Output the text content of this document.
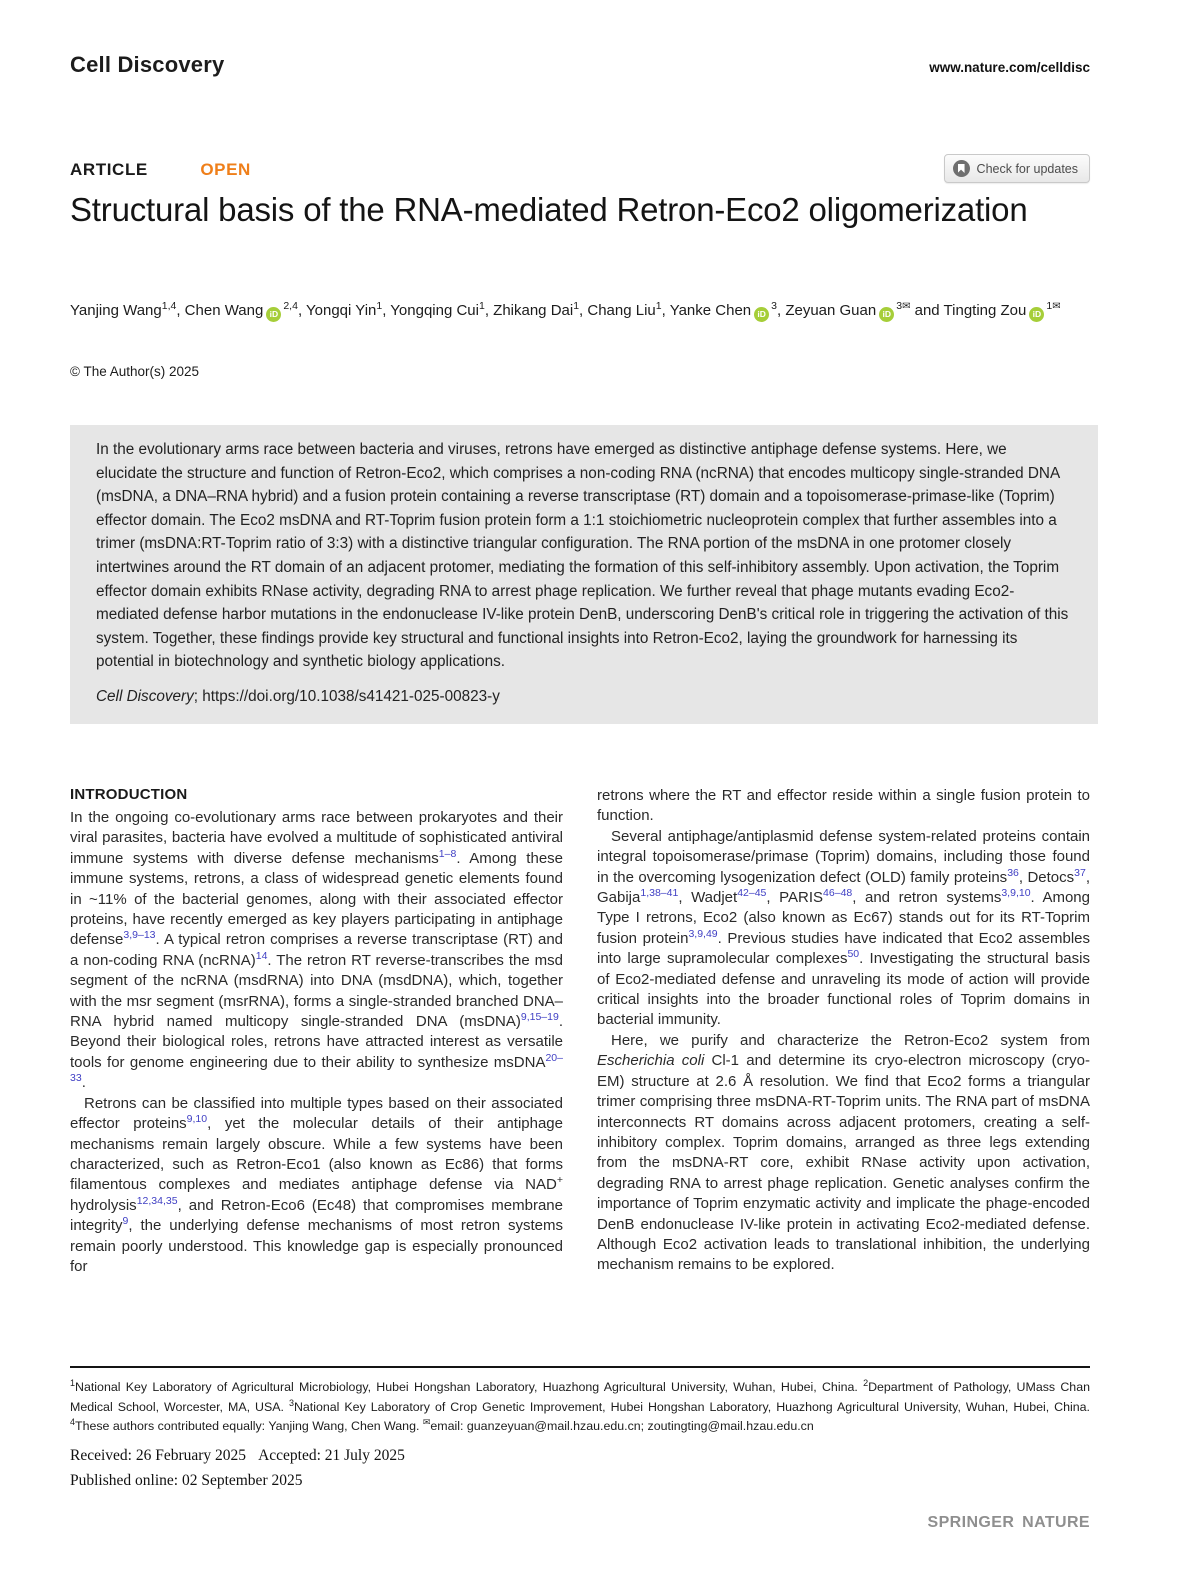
Cell Discovery	www.nature.com/celldisc
ARTICLE	OPEN	Check for updates
Structural basis of the RNA-mediated Retron-Eco2 oligomerization
Yanjing Wang$^{1,4}$, Chen Wang iD$^{2,4}$, Yongqi Yin$^1$, Yongqing Cui$^1$, Zhikang Dai$^1$, Chang Liu$^1$, Yanke Chen $iD^3$, Zeyuan Guan $iD^{3✉}$ and Tingting Zou $iD^{1✉}$
© The Author(s) 2025

In the evolutionary arms race between bacteria and viruses, retrons have emerged as distinctive antiphage defense systems. Here, we elucidate the structure and function of Retron-Eco2, which comprises a non-coding RNA (ncRNA) that encodes multicopy single-stranded DNA (msDNA, a DNA–RNA hybrid) and a fusion protein containing a reverse transcriptase (RT) domain and a topoisomerase-primase-like (Toprim) effector domain. The Eco2 msDNA and RT-Toprim fusion protein form a 1:1 stoichiometric nucleoprotein complex that further assembles into a trimer (msDNA:RT-Toprim ratio of 3:3) with a distinctive triangular configuration. The RNA portion of the msDNA in one protomer closely intertwines around the RT domain of an adjacent protomer, mediating the formation of this self-inhibitory assembly. Upon activation, the Toprim effector domain exhibits RNase activity, degrading RNA to arrest phage replication. We further reveal that phage mutants evading Eco2-mediated defense harbor mutations in the endonuclease IV-like protein DenB, underscoring DenB's critical role in triggering the activation of this system. Together, these findings provide key structural and functional insights into Retron-Eco2, laying the groundwork for harnessing its potential in biotechnology and synthetic biology applications.

Cell Discovery; https://doi.org/10.1038/s41421-025-00823-y

INTRODUCTION

In the ongoing co-evolutionary arms race between prokaryotes and their viral parasites, bacteria have evolved a multitude of sophisticated antiviral immune systems with diverse defense mechanisms$^{1-8}$. Among these immune systems, retrons, a class of widespread genetic elements found in ~11% of the bacterial genomes, along with their associated effector proteins, have recently emerged as key players participating in antiphage defense$^{3,9-13}$. A typical retron comprises a reverse transcriptase (RT) and a non-coding RNA (ncRNA)$^{14}$. The retron RT reverse-transcribes the msd segment of the ncRNA (msdRNA) into DNA (msdDNA), which, together with the msr segment (msrRNA), forms a single-stranded branched DNA–RNA hybrid named multicopy single-stranded DNA (msDNA)$^{9,15-19}$. Beyond their biological roles, retrons have attracted interest as versatile tools for genome engineering due to their ability to synthesize msDNA$^{20-33}$.

Retrons can be classified into multiple types based on their associated effector proteins$^{9,10}$, yet the molecular details of their antiphage mechanisms remain largely obscure. While a few systems have been characterized, such as Retron-Eco1 (also known as Ec86) that forms filamentous complexes and mediates antiphage defense via NAD+ hydrolysis$^{12,34,35}$, and Retron-Eco6 (Ec48) that compromises membrane integrity$^9$, the underlying defense mechanisms of most retron systems remain poorly understood. This knowledge gap is especially pronounced for

retrons where the RT and effector reside within a single fusion protein to function.

Several antiphage/antiplasmid defense system-related proteins contain integral topoisomerase/primase (Toprim) domains, including those found in the overcoming lysogenization defect (OLD) family proteins$^{36}$, Detocs$^{37}$, Gabija$^{1,38-41}$, Wadjet$^{42-45}$, PARIS$^{46-48}$, and retron systems$^{3,9,10}$. Among Type I retrons, Eco2 (also known as Ec67) stands out for its RT-Toprim fusion protein$^{3,9,49}$. Previous studies have indicated that Eco2 assembles into large supramolecular complexes$^{50}$. Investigating the structural basis of Eco2-mediated defense and unraveling its mode of action will provide critical insights into the broader functional roles of Toprim domains in bacterial immunity.

Here, we purify and characterize the Retron-Eco2 system from Escherichia coli Cl-1 and determine its cryo-electron microscopy (cryo-EM) structure at 2.6 Å resolution. We find that Eco2 forms a triangular trimer comprising three msDNA-RT-Toprim units. The RNA part of msDNA interconnects RT domains across adjacent protomers, creating a self-inhibitory complex. Toprim domains, arranged as three legs extending from the msDNA-RT core, exhibit RNase activity upon activation, degrading RNA to arrest phage replication. Genetic analyses confirm the importance of Toprim enzymatic activity and implicate the phage-encoded DenB endonuclease IV-like protein in activating Eco2-mediated defense. Although Eco2 activation leads to translational inhibition, the underlying mechanism remains to be explored.

$^1$National Key Laboratory of Agricultural Microbiology, Hubei Hongshan Laboratory, Huazhong Agricultural University, Wuhan, Hubei, China. $^2$Department of Pathology, UMass Chan Medical School, Worcester, MA, USA. $^3$National Key Laboratory of Crop Genetic Improvement, Hubei Hongshan Laboratory, Huazhong Agricultural University, Wuhan, Hubei, China. $^4$These authors contributed equally: Yanjing Wang, Chen Wang. ✉email: guanzeyuan@mail.hzau.edu.cn; zoutingting@mail.hzau.edu.cn

Received: 26 February 2025 Accepted: 21 July 2025
Published online: 02 September 2025
SPRINGER NATURE
